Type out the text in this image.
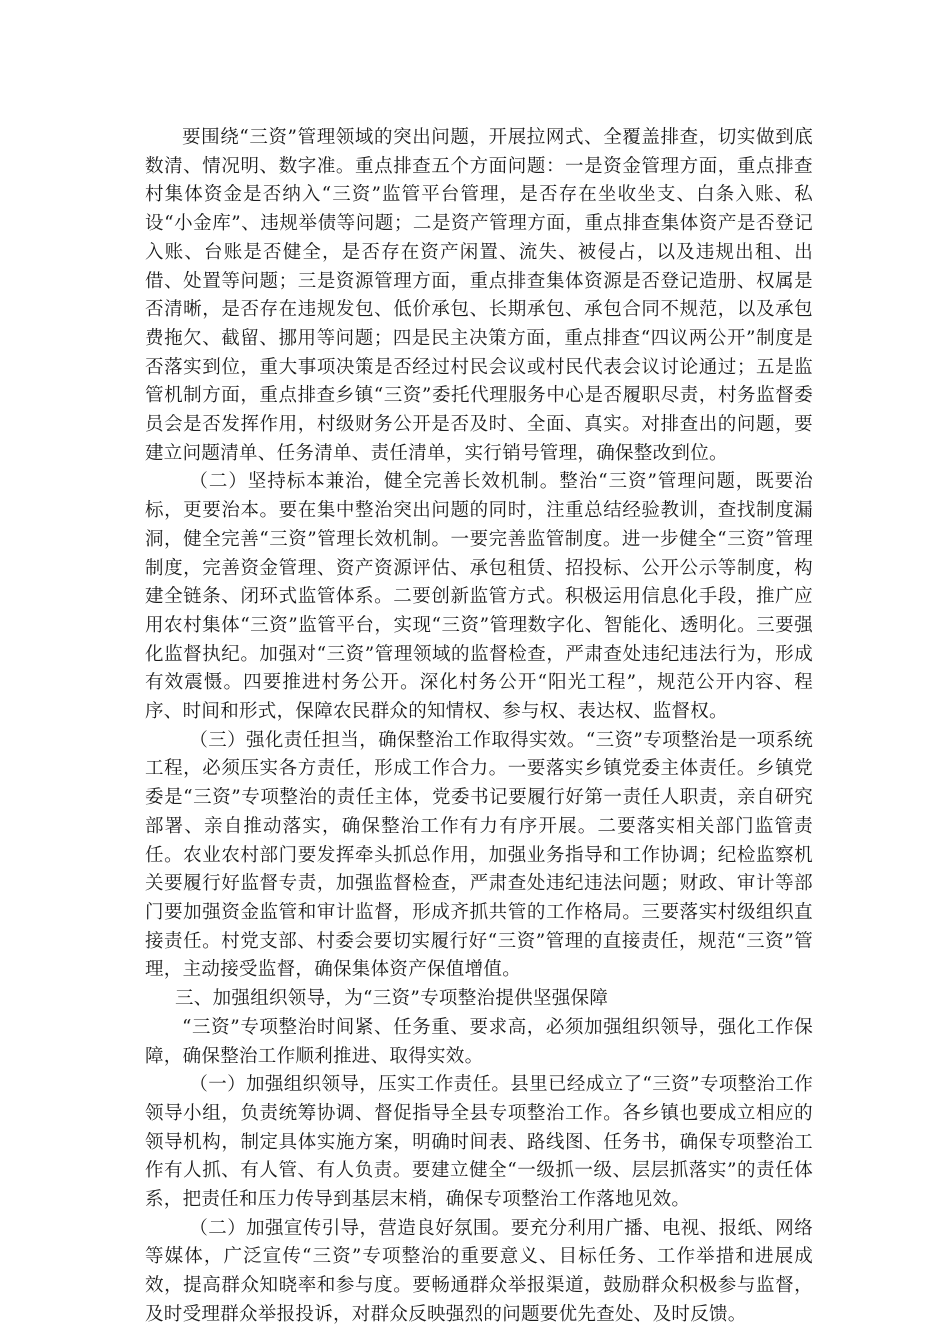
要围绕“三资”管理领域的突出问题，开展拉网式、全覆盖排查，切实做到底数清、情况明、数字准。重点排查五个方面问题：一是资金管理方面，重点排查村集体资金是否纳入“三资”监管平台管理，是否存在坐收坐支、白条入账、私设“小金库”、违规举债等问题；二是资产管理方面，重点排查集体资产是否登记入账、台账是否健全，是否存在资产闲置、流失、被侵占，以及违规出租、出借、处置等问题；三是资源管理方面，重点排查集体资源是否登记造册、权属是否清晰，是否存在违规发包、低价承包、长期承包、承包合同不规范，以及承包费拖欠、截留、挪用等问题；四是民主决策方面，重点排查“四议两公开”制度是否落实到位，重大事项决策是否经过村民会议或村民代表会议讨论通过；五是监管机制方面，重点排查乡镇“三资”委托代理服务中心是否履职尽责，村务监督委员会是否发挥作用，村级财务公开是否及时、全面、真实。对排查出的问题，要建立问题清单、任务清单、责任清单，实行销号管理，确保整改到位。

（二）坚持标本兼治，健全完善长效机制。整治“三资”管理问题，既要治标，更要治本。要在集中整治突出问题的同时，注重总结经验教训，查找制度漏洞，健全完善“三资”管理长效机制。一要完善监管制度。进一步健全“三资”管理制度，完善资金管理、资产资源评估、承包租赁、招投标、公开公示等制度，构建全链条、闭环式监管体系。二要创新监管方式。积极运用信息化手段，推广应用农村集体“三资”监管平台，实现“三资”管理数字化、智能化、透明化。三要强化监督执纪。加强对“三资”管理领域的监督检查，严肃查处违纪违法行为，形成有效震慑。四要推进村务公开。深化村务公开“阳光工程”，规范公开内容、程序、时间和形式，保障农民群众的知情权、参与权、表达权、监督权。

（三）强化责任担当，确保整治工作取得实效。“三资”专项整治是一项系统工程，必须压实各方责任，形成工作合力。一要落实乡镇党委主体责任。乡镇党委是“三资”专项整治的责任主体，党委书记要履行好第一责任人职责，亲自研究部署、亲自推动落实，确保整治工作有力有序开展。二要落实相关部门监管责任。农业农村部门要发挥牵头抓总作用，加强业务指导和工作协调；纪检监察机关要履行好监督专责，加强监督检查，严肃查处违纪违法问题；财政、审计等部门要加强资金监管和审计监督，形成齐抓共管的工作格局。三要落实村级组织直接责任。村党支部、村委会要切实履行好“三资”管理的直接责任，规范“三资”管理，主动接受监督，确保集体资产保值增值。

三、加强组织领导，为“三资”专项整治提供坚强保障

“三资”专项整治时间紧、任务重、要求高，必须加强组织领导，强化工作保障，确保整治工作顺利推进、取得实效。

（一）加强组织领导，压实工作责任。县里已经成立了“三资”专项整治工作领导小组，负责统筹协调、督促指导全县专项整治工作。各乡镇也要成立相应的领导机构，制定具体实施方案，明确时间表、路线图、任务书，确保专项整治工作有人抓、有人管、有人负责。要建立健全“一级抓一级、层层抓落实”的责任体系，把责任和压力传导到基层末梢，确保专项整治工作落地见效。

（二）加强宣传引导，营造良好氛围。要充分利用广播、电视、报纸、网络等媒体，广泛宣传“三资”专项整治的重要意义、目标任务、工作举措和进展成效，提高群众知晓率和参与度。要畅通群众举报渠道，鼓励群众积极参与监督，及时受理群众举报投诉，对群众反映强烈的问题要优先查处、及时反馈。
